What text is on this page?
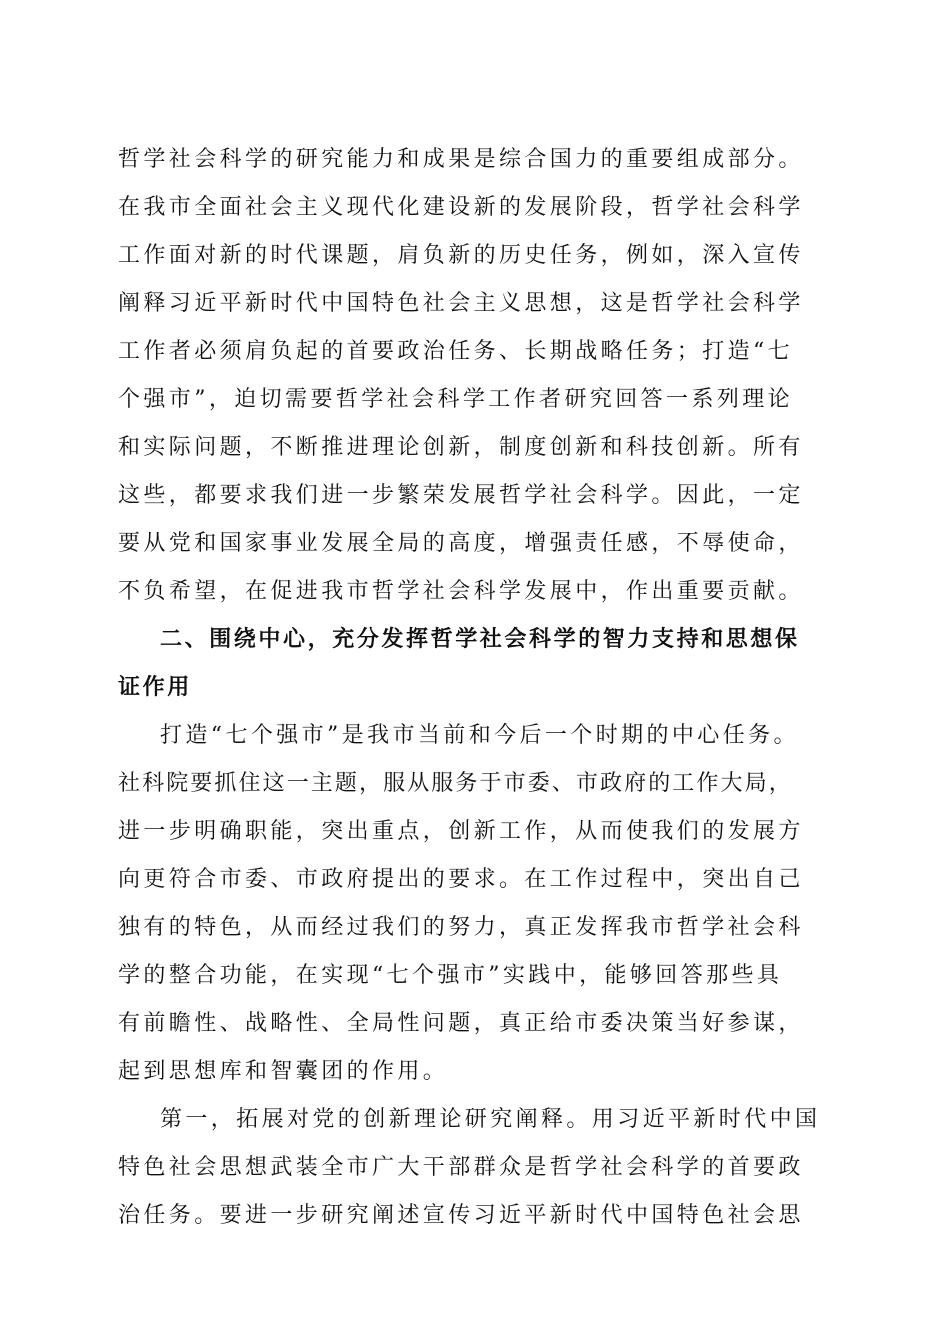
哲学社会科学的研究能力和成果是综合国力的重要组成部分。
在我市全面社会主义现代化建设新的发展阶段，哲学社会科学
工作面对新的时代课题，肩负新的历史任务，例如，深入宣传
阐释习近平新时代中国特色社会主义思想，这是哲学社会科学
工作者必须肩负起的首要政治任务、长期战略任务；打造“七
个强市”，迫切需要哲学社会科学工作者研究回答一系列理论
和实际问题，不断推进理论创新，制度创新和科技创新。所有
这些，都要求我们进一步繁荣发展哲学社会科学。因此，一定
要从党和国家事业发展全局的高度，增强责任感，不辱使命，
不负希望，在促进我市哲学社会科学发展中，作出重要贡献。
二、围绕中心，充分发挥哲学社会科学的智力支持和思想保
证作用
打造“七个强市”是我市当前和今后一个时期的中心任务。
社科院要抓住这一主题，服从服务于市委、市政府的工作大局，
进一步明确职能，突出重点，创新工作，从而使我们的发展方
向更符合市委、市政府提出的要求。在工作过程中，突出自己
独有的特色，从而经过我们的努力，真正发挥我市哲学社会科
学的整合功能，在实现“七个强市”实践中，能够回答那些具
有前瞻性、战略性、全局性问题，真正给市委决策当好参谋，
起到思想库和智囊团的作用。
第一，拓展对党的创新理论研究阐释。用习近平新时代中国
特色社会思想武装全市广大干部群众是哲学社会科学的首要政
治任务。要进一步研究阐述宣传习近平新时代中国特色社会思
